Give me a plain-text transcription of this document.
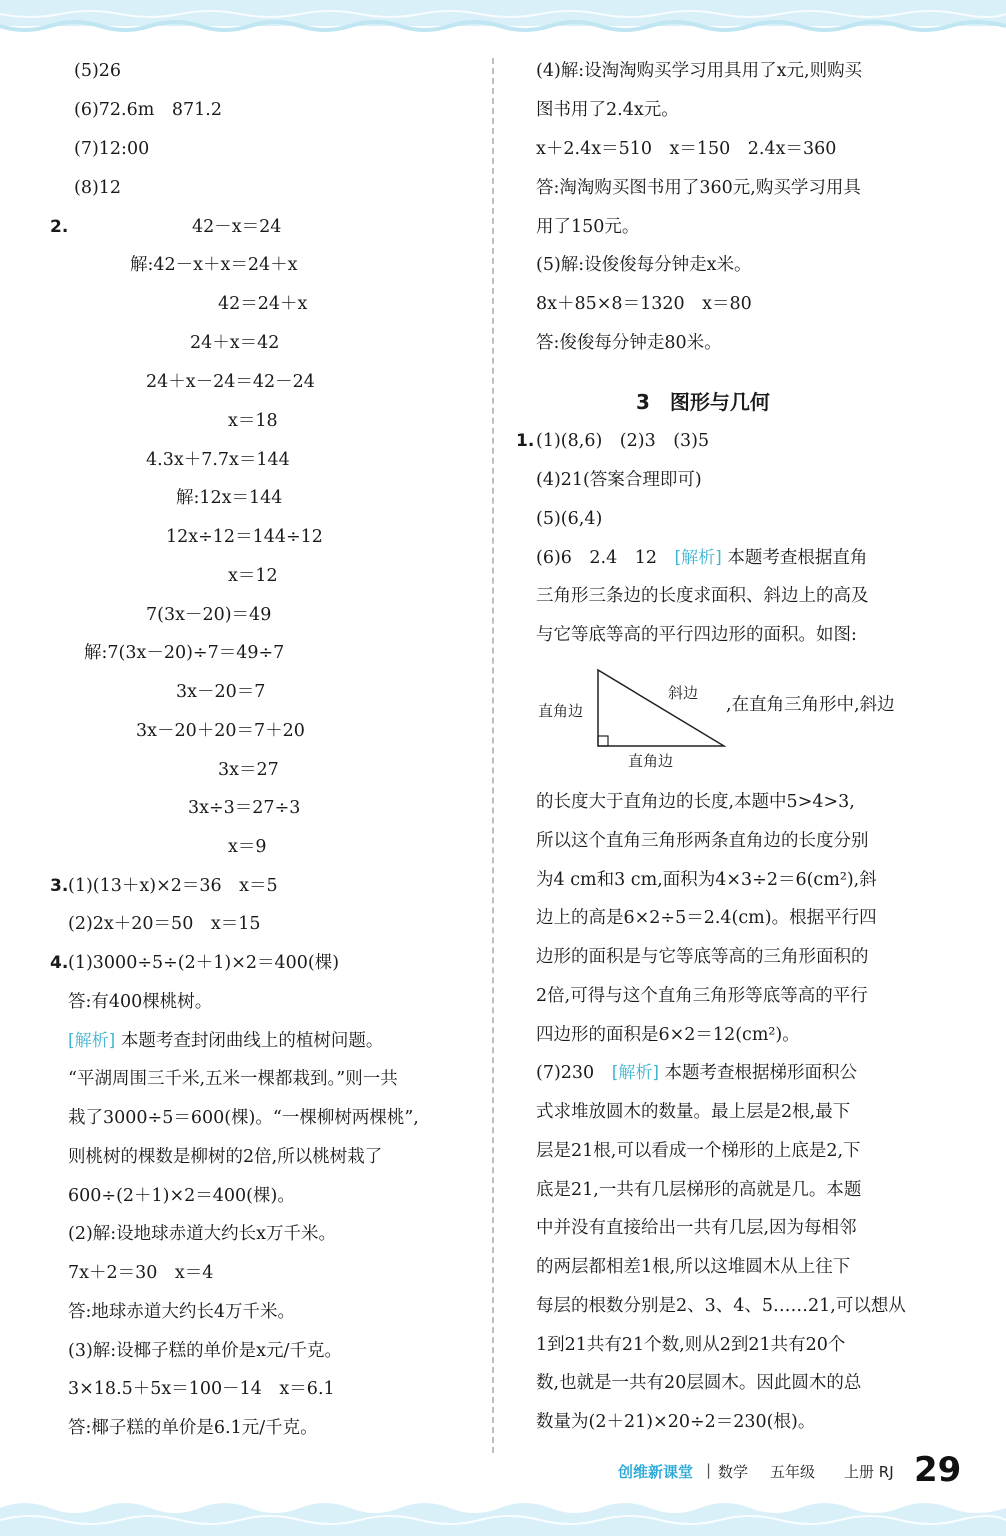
(5)26
(6)72.6m　871.2
(7)12:00
(8)12
2.	42－x＝24
解:42－x＋x＝24＋x
42＝24＋x
24＋x＝42
24＋x－24＝42－24
x＝18
4.3x＋7.7x＝144
解:12x＝144
12x÷12＝144÷12
x＝12
7(3x－20)＝49
解:7(3x－20)÷7＝49÷7
3x－20＝7
3x－20＋20＝7＋20
3x＝27
3x÷3＝27÷3
x＝9
3. (1)(13＋x)×2＝36　x＝5
(2)2x＋20＝50　x＝15
4. (1)3000÷5÷(2＋1)×2＝400(棵)
答:有400棵桃树。
[解析] 本题考查封闭曲线上的植树问题。
“平湖周围三千米,五米一棵都栽到。”则一共
栽了3000÷5＝600(棵)。“一棵柳树两棵桃”,
则桃树的棵数是柳树的2倍,所以桃树栽了
600÷(2＋1)×2＝400(棵)。
(2)解:设地球赤道大约长x万千米。
7x＋2＝30　x＝4
答:地球赤道大约长4万千米。
(3)解:设椰子糕的单价是x元/千克。
3×18.5＋5x＝100－14　x＝6.1
答:椰子糕的单价是6.1元/千克。
(4)解:设淘淘购买学习用具用了x元,则购买
图书用了2.4x元。
x＋2.4x＝510　x＝150　2.4x＝360
答:淘淘购买图书用了360元,购买学习用具
用了150元。
(5)解:设俊俊每分钟走x米。
8x＋85×8＝1320　x＝80
答:俊俊每分钟走80米。
3　图形与几何
1. (1)(8,6)　(2)3　(3)5
(4)21(答案合理即可)
(5)(6,4)
(6)6　2.4　12　 [解析] 本题考查根据直角
三角形三条边的长度求面积、斜边上的高及
与它等底等高的平行四边形的面积。如图:
斜边
直角边
直角边
,在直角三角形中,斜边
的长度大于直角边的长度,本题中5>4>3,
所以这个直角三角形两条直角边的长度分别
为4 cm和3 cm,面积为4×3÷2＝6(cm²),斜
边上的高是6×2÷5＝2.4(cm)。根据平行四
边形的面积是与它等底等高的三角形面积的
2倍,可得与这个直角三角形等底等高的平行
四边形的面积是6×2＝12(cm²)。
(7)230　 [解析] 本题考查根据梯形面积公
式求堆放圆木的数量。最上层是2根,最下
层是21根,可以看成一个梯形的上底是2,下
底是21,一共有几层梯形的高就是几。本题
中并没有直接给出一共有几层,因为每相邻
的两层都相差1根,所以这堆圆木从上往下
每层的根数分别是2、3、4、5……21,可以想从
1到21共有21个数,则从2到21共有20个
数,也就是一共有20层圆木。因此圆木的总
数量为(2＋21)×20÷2＝230(根)。
创维新课堂 | 数学 五年级 上册 RJ 29
